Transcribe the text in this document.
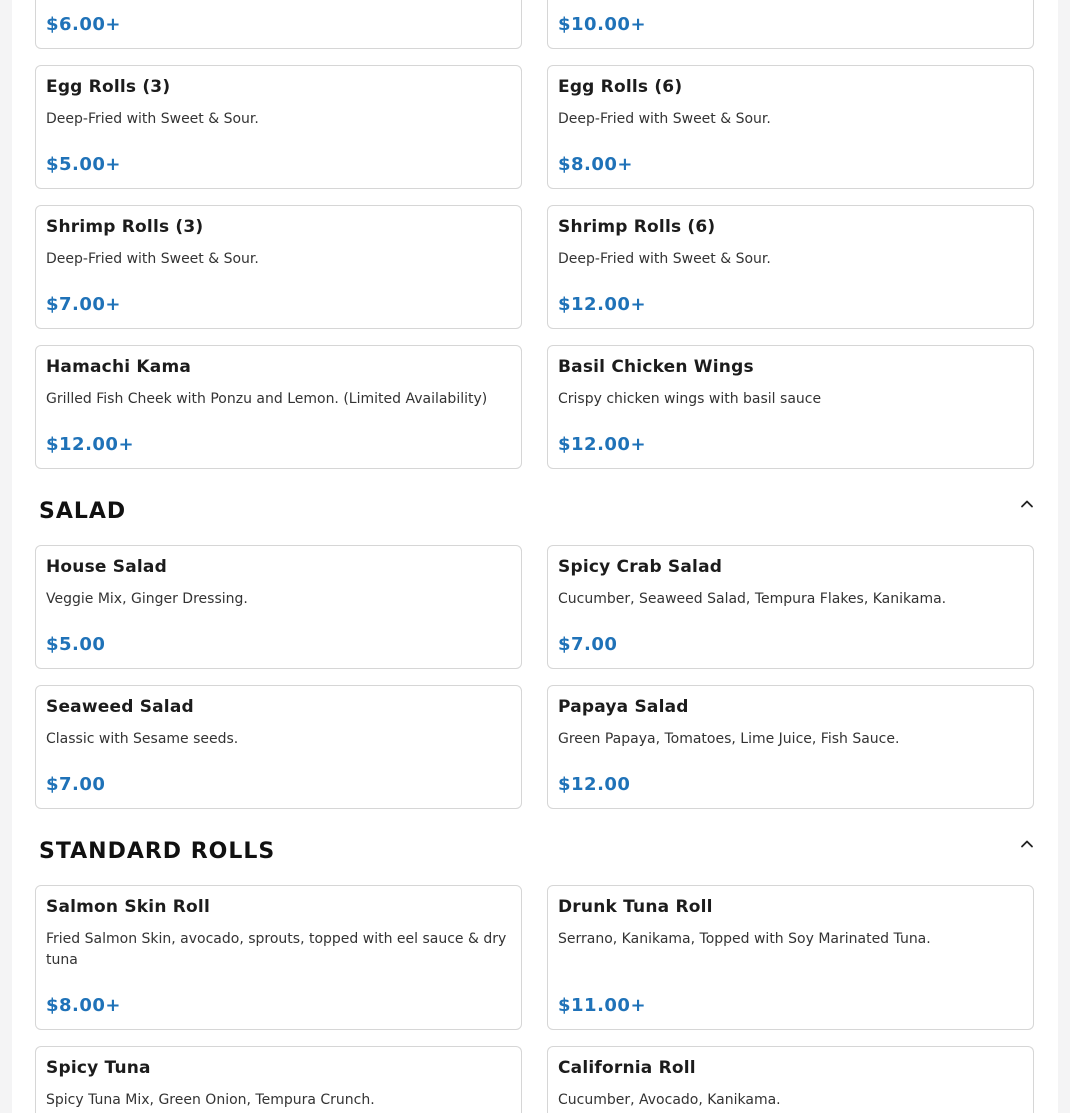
$6.00+	$10.00+
Egg Rolls (3)
Deep-Fried with Sweet & Sour.
$5.00+
Egg Rolls (6)
Deep-Fried with Sweet & Sour.
$8.00+
Shrimp Rolls (3)
Deep-Fried with Sweet & Sour.
$7.00+
Shrimp Rolls (6)
Deep-Fried with Sweet & Sour.
$12.00+
Hamachi Kama
Grilled Fish Cheek with Ponzu and Lemon. (Limited Availability)
$12.00+
Basil Chicken Wings
Crispy chicken wings with basil sauce
$12.00+
SALAD
House Salad
Veggie Mix, Ginger Dressing.
$5.00
Spicy Crab Salad
Cucumber, Seaweed Salad, Tempura Flakes, Kanikama.
$7.00
Seaweed Salad
Classic with Sesame seeds.
$7.00
Papaya Salad
Green Papaya, Tomatoes, Lime Juice, Fish Sauce.
$12.00
STANDARD ROLLS
Salmon Skin Roll
Fried Salmon Skin, avocado, sprouts, topped with eel sauce & dry tuna
$8.00+
Drunk Tuna Roll
Serrano, Kanikama, Topped with Soy Marinated Tuna.
$11.00+
Spicy Tuna
Spicy Tuna Mix, Green Onion, Tempura Crunch.
California Roll
Cucumber, Avocado, Kanikama.
